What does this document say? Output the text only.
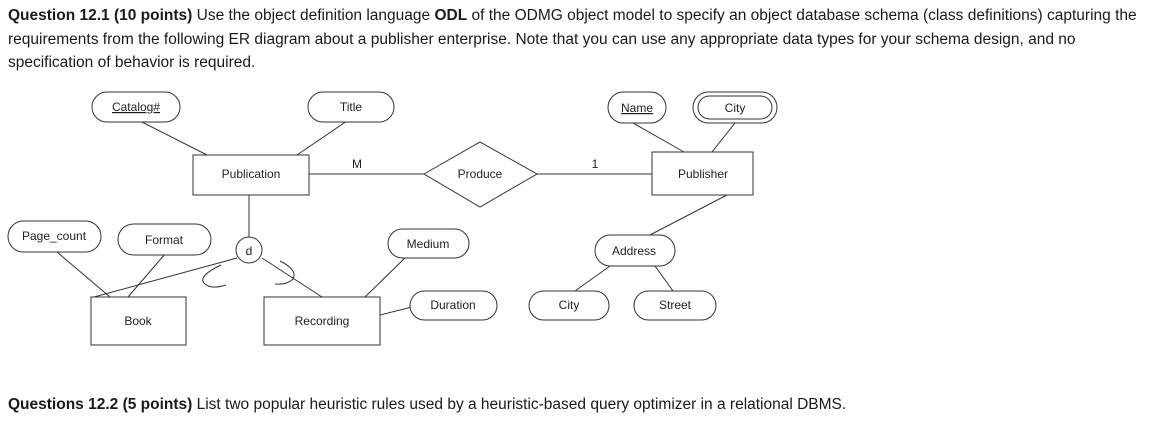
Question 12.1 (10 points) Use the object definition language ODL of the ODMG object model to specify an object database schema (class definitions) capturing the requirements from the following ER diagram about a publisher enterprise. Note that you can use any appropriate data types for your schema design, and no specification of behavior is required.
Publication	Publisher
Book	Recording
Produce
Catalog#	Title	Name	City
Page_count	Format	Medium
Duration
Address
City	Street
M	1
d
Questions 12.2 (5 points) List two popular heuristic rules used by a heuristic-based query optimizer in a relational DBMS.
